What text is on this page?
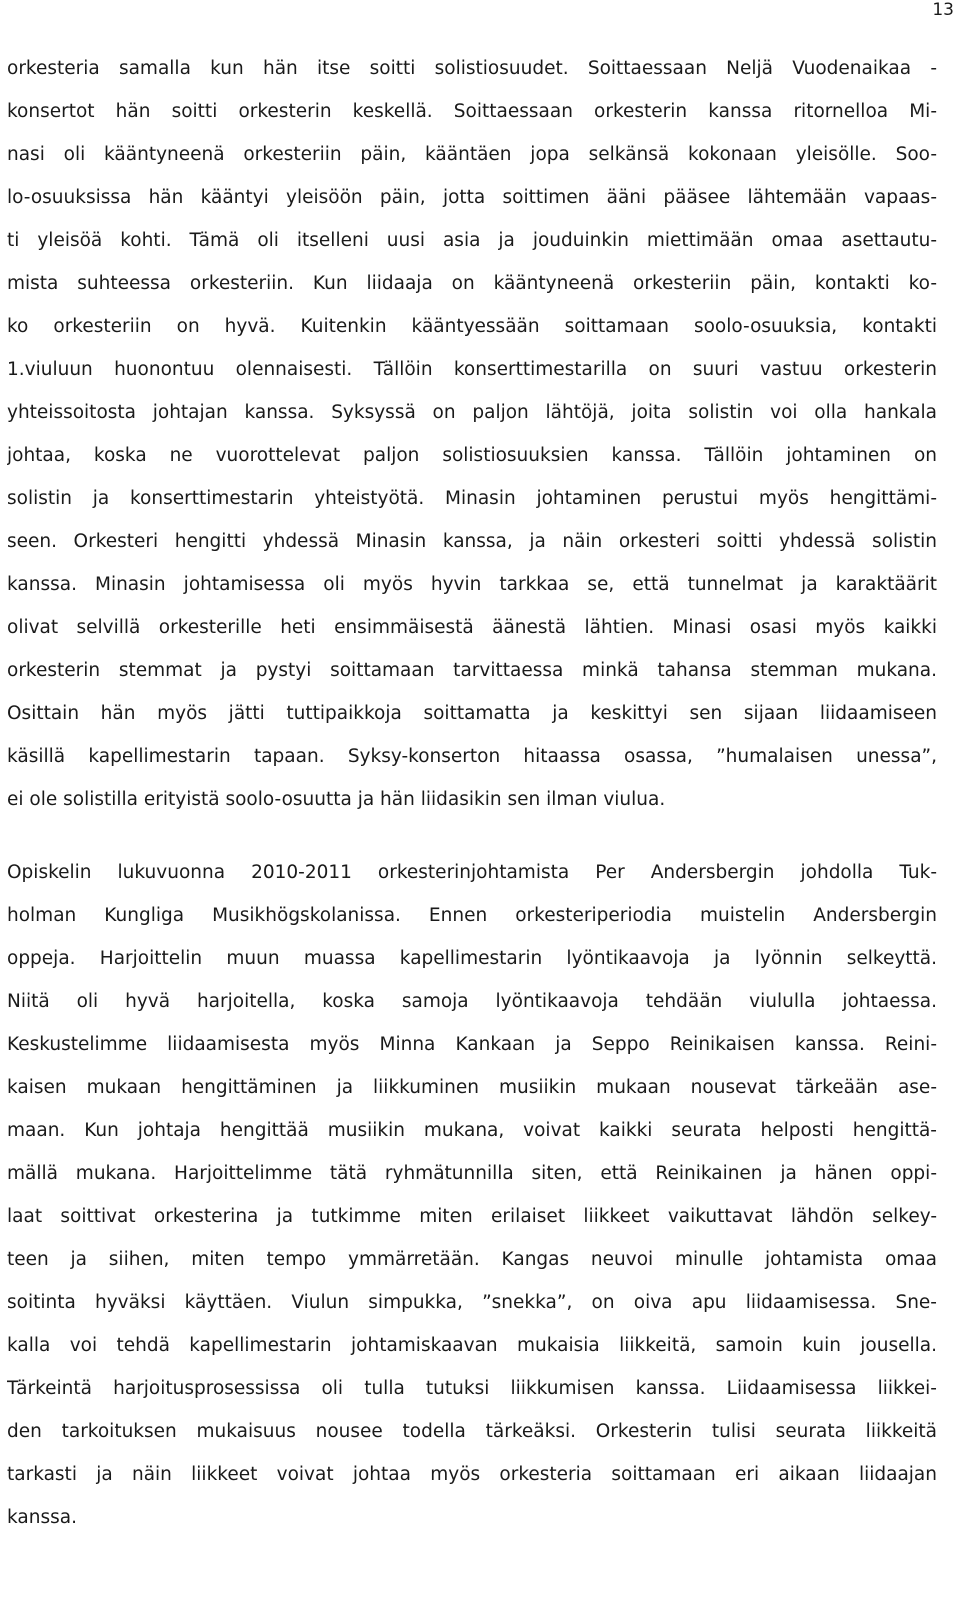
13
orkesteria samalla kun hän itse soitti solistiosuudet. Soittaessaan Neljä Vuodenaikaa -
konsertot hän soitti orkesterin keskellä. Soittaessaan orkesterin kanssa ritornelloa Mi-
nasi oli kääntyneenä orkesteriin päin, kääntäen jopa selkänsä kokonaan yleisölle. Soo-
lo-osuuksissa hän kääntyi yleisöön päin, jotta soittimen ääni pääsee lähtemään vapaas-
ti yleisöä kohti. Tämä oli itselleni uusi asia ja jouduinkin miettimään omaa asettautu-
mista suhteessa orkesteriin. Kun liidaaja on kääntyneenä orkesteriin päin, kontakti ko-
ko orkesteriin on hyvä. Kuitenkin kääntyessään soittamaan soolo-osuuksia, kontakti
1.viuluun huonontuu olennaisesti. Tällöin konserttimestarilla on suuri vastuu orkesterin
yhteissoitosta johtajan kanssa. Syksyssä on paljon lähtöjä, joita solistin voi olla hankala
johtaa, koska ne vuorottelevat paljon solistiosuuksien kanssa. Tällöin johtaminen on
solistin ja konserttimestarin yhteistyötä. Minasin johtaminen perustui myös hengittämi-
seen. Orkesteri hengitti yhdessä Minasin kanssa, ja näin orkesteri soitti yhdessä solistin
kanssa. Minasin johtamisessa oli myös hyvin tarkkaa se, että tunnelmat ja karaktäärit
olivat selvillä orkesterille heti ensimmäisestä äänestä lähtien. Minasi osasi myös kaikki
orkesterin stemmat ja pystyi soittamaan tarvittaessa minkä tahansa stemman mukana.
Osittain hän myös jätti tuttipaikkoja soittamatta ja keskittyi sen sijaan liidaamiseen
käsillä kapellimestarin tapaan. Syksy-konserton hitaassa osassa, ”humalaisen unessa”,
ei ole solistilla erityistä soolo-osuutta ja hän liidasikin sen ilman viulua.
Opiskelin lukuvuonna 2010-2011 orkesterinjohtamista Per Andersbergin johdolla Tuk-
holman Kungliga Musikhögskolanissa. Ennen orkesteriperiodia muistelin Andersbergin
oppeja. Harjoittelin muun muassa kapellimestarin lyöntikaavoja ja lyönnin selkeyttä.
Niitä oli hyvä harjoitella, koska samoja lyöntikaavoja tehdään viululla johtaessa.
Keskustelimme liidaamisesta myös Minna Kankaan ja Seppo Reinikaisen kanssa. Reini-
kaisen mukaan hengittäminen ja liikkuminen musiikin mukaan nousevat tärkeään ase-
maan. Kun johtaja hengittää musiikin mukana, voivat kaikki seurata helposti hengittä-
mällä mukana. Harjoittelimme tätä ryhmätunnilla siten, että Reinikainen ja hänen oppi-
laat soittivat orkesterina ja tutkimme miten erilaiset liikkeet vaikuttavat lähdön selkey-
teen ja siihen, miten tempo ymmärretään. Kangas neuvoi minulle johtamista omaa
soitinta hyväksi käyttäen. Viulun simpukka, ”snekka”, on oiva apu liidaamisessa. Sne-
kalla voi tehdä kapellimestarin johtamiskaavan mukaisia liikkeitä, samoin kuin jousella.
Tärkeintä harjoitusprosessissa oli tulla tutuksi liikkumisen kanssa. Liidaamisessa liikkei-
den tarkoituksen mukaisuus nousee todella tärkeäksi. Orkesterin tulisi seurata liikkeitä
tarkasti ja näin liikkeet voivat johtaa myös orkesteria soittamaan eri aikaan liidaajan
kanssa.
